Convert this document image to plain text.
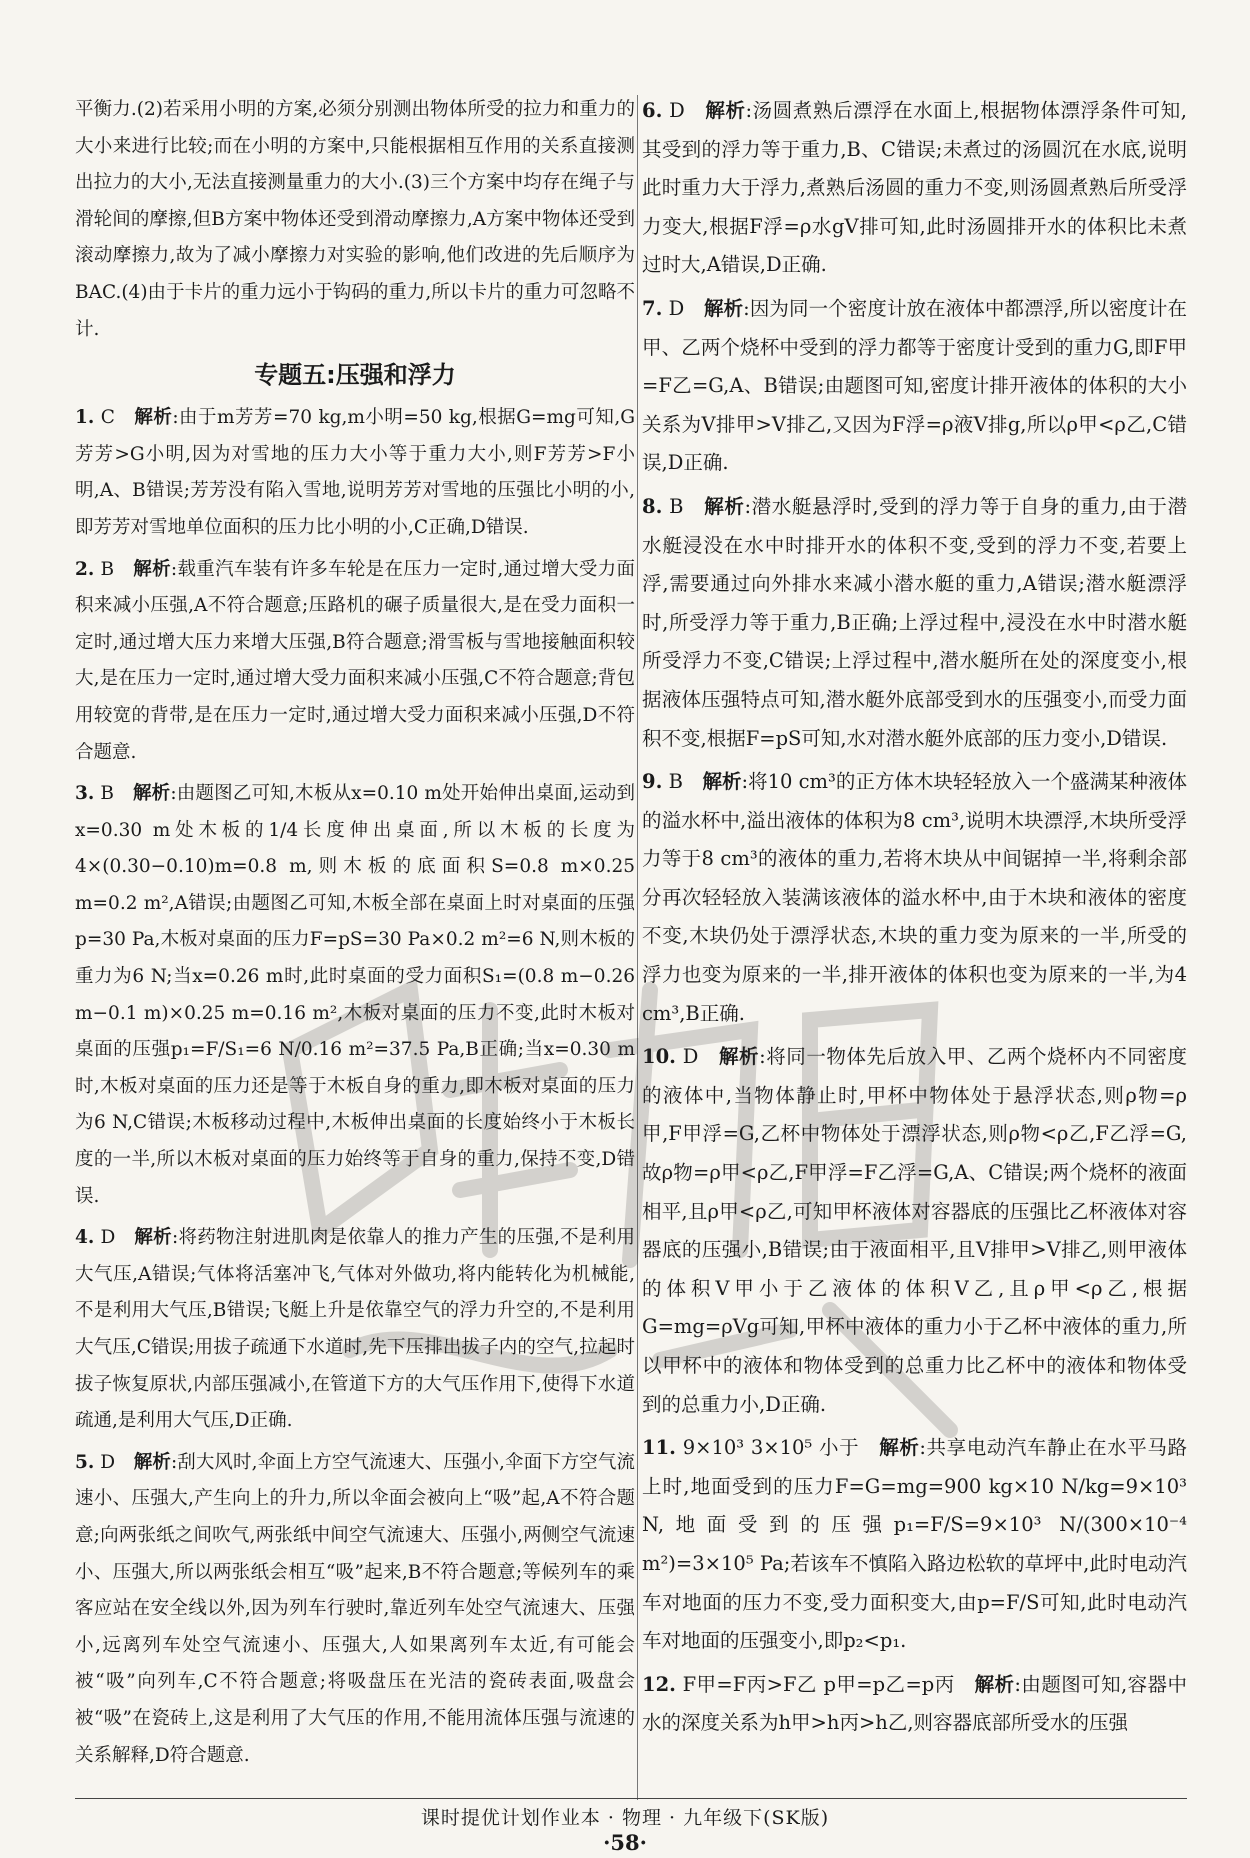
平衡力.(2)若采用小明的方案,必须分别测出物体所受的拉力和重力的大小来进行比较;而在小明的方案中,只能根据相互作用的关系直接测出拉力的大小,无法直接测量重力的大小.(3)三个方案中均存在绳子与滑轮间的摩擦,但B方案中物体还受到滑动摩擦力,A方案中物体还受到滚动摩擦力,故为了减小摩擦力对实验的影响,他们改进的先后顺序为BAC.(4)由于卡片的重力远小于钩码的重力,所以卡片的重力可忽略不计.

专题五:压强和浮力

1. C　 解析:由于m芳芳=70 kg,m小明=50 kg,根据G=mg可知,G芳芳>G小明,因为对雪地的压力大小等于重力大小,则F芳芳>F小明,A、B错误;芳芳没有陷入雪地,说明芳芳对雪地的压强比小明的小,即芳芳对雪地单位面积的压力比小明的小,C正确,D错误.

2. B　 解析:载重汽车装有许多车轮是在压力一定时,通过增大受力面积来减小压强,A不符合题意;压路机的碾子质量很大,是在受力面积一定时,通过增大压力来增大压强,B符合题意;滑雪板与雪地接触面积较大,是在压力一定时,通过增大受力面积来减小压强,C不符合题意;背包用较宽的背带,是在压力一定时,通过增大受力面积来减小压强,D不符合题意.

3. B　 解析:由题图乙可知,木板从x=0.10 m处开始伸出桌面,运动到x=0.30 m处木板的1/4长度伸出桌面,所以木板的长度为4×(0.30−0.10)m=0.8 m,则木板的底面积S=0.8 m×0.25 m=0.2 m²,A错误;由题图乙可知,木板全部在桌面上时对桌面的压强p=30 Pa,木板对桌面的压力F=pS=30 Pa×0.2 m²=6 N,则木板的重力为6 N;当x=0.26 m时,此时桌面的受力面积S₁=(0.8 m−0.26 m−0.1 m)×0.25 m=0.16 m²,木板对桌面的压力不变,此时木板对桌面的压强p₁=F/S₁=6 N/0.16 m²=37.5 Pa,B正确;当x=0.30 m时,木板对桌面的压力还是等于木板自身的重力,即木板对桌面的压力为6 N,C错误;木板移动过程中,木板伸出桌面的长度始终小于木板长度的一半,所以木板对桌面的压力始终等于自身的重力,保持不变,D错误.

4. D　 解析:将药物注射进肌肉是依靠人的推力产生的压强,不是利用大气压,A错误;气体将活塞冲飞,气体对外做功,将内能转化为机械能,不是利用大气压,B错误;飞艇上升是依靠空气的浮力升空的,不是利用大气压,C错误;用拔子疏通下水道时,先下压排出拔子内的空气,拉起时拔子恢复原状,内部压强减小,在管道下方的大气压作用下,使得下水道疏通,是利用大气压,D正确.

5. D　 解析:刮大风时,伞面上方空气流速大、压强小,伞面下方空气流速小、压强大,产生向上的升力,所以伞面会被向上“吸”起,A不符合题意;向两张纸之间吹气,两张纸中间空气流速大、压强小,两侧空气流速小、压强大,所以两张纸会相互“吸”起来,B不符合题意;等候列车的乘客应站在安全线以外,因为列车行驶时,靠近列车处空气流速大、压强小,远离列车处空气流速小、压强大,人如果离列车太近,有可能会被“吸”向列车,C不符合题意;将吸盘压在光洁的瓷砖表面,吸盘会被“吸”在瓷砖上,这是利用了大气压的作用,不能用流体压强与流速的关系解释,D符合题意.

6. D　 解析:汤圆煮熟后漂浮在水面上,根据物体漂浮条件可知,其受到的浮力等于重力,B、C错误;未煮过的汤圆沉在水底,说明此时重力大于浮力,煮熟后汤圆的重力不变,则汤圆煮熟后所受浮力变大,根据F浮=ρ水gV排可知,此时汤圆排开水的体积比未煮过时大,A错误,D正确.

7. D　 解析:因为同一个密度计放在液体中都漂浮,所以密度计在甲、乙两个烧杯中受到的浮力都等于密度计受到的重力G,即F甲=F乙=G,A、B错误;由题图可知,密度计排开液体的体积的大小关系为V排甲>V排乙,又因为F浮=ρ液V排g,所以ρ甲<ρ乙,C错误,D正确.

8. B　 解析:潜水艇悬浮时,受到的浮力等于自身的重力,由于潜水艇浸没在水中时排开水的体积不变,受到的浮力不变,若要上浮,需要通过向外排水来减小潜水艇的重力,A错误;潜水艇漂浮时,所受浮力等于重力,B正确;上浮过程中,浸没在水中时潜水艇所受浮力不变,C错误;上浮过程中,潜水艇所在处的深度变小,根据液体压强特点可知,潜水艇外底部受到水的压强变小,而受力面积不变,根据F=pS可知,水对潜水艇外底部的压力变小,D错误.

9. B　 解析:将10 cm³的正方体木块轻轻放入一个盛满某种液体的溢水杯中,溢出液体的体积为8 cm³,说明木块漂浮,木块所受浮力等于8 cm³的液体的重力,若将木块从中间锯掉一半,将剩余部分再次轻轻放入装满该液体的溢水杯中,由于木块和液体的密度不变,木块仍处于漂浮状态,木块的重力变为原来的一半,所受的浮力也变为原来的一半,排开液体的体积也变为原来的一半,为4 cm³,B正确.

10. D　 解析:将同一物体先后放入甲、乙两个烧杯内不同密度的液体中,当物体静止时,甲杯中物体处于悬浮状态,则ρ物=ρ甲,F甲浮=G,乙杯中物体处于漂浮状态,则ρ物<ρ乙,F乙浮=G,故ρ物=ρ甲<ρ乙,F甲浮=F乙浮=G,A、C错误;两个烧杯的液面相平,且ρ甲<ρ乙,可知甲杯液体对容器底的压强比乙杯液体对容器底的压强小,B错误;由于液面相平,且V排甲>V排乙,则甲液体的体积V甲小于乙液体的体积V乙,且ρ甲<ρ乙,根据G=mg=ρVg可知,甲杯中液体的重力小于乙杯中液体的重力,所以甲杯中的液体和物体受到的总重力比乙杯中的液体和物体受到的总重力小,D正确.

11. 9×10³ 3×10⁵ 小于　 解析:共享电动汽车静止在水平马路上时,地面受到的压力F=G=mg=900 kg×10 N/kg=9×10³ N,地面受到的压强p₁=F/S=9×10³ N/(300×10⁻⁴ m²)=3×10⁵ Pa;若该车不慎陷入路边松软的草坪中,此时电动汽车对地面的压力不变,受力面积变大,由p=F/S可知,此时电动汽车对地面的压强变小,即p₂<p₁.

12. F甲=F丙>F乙 p甲=p乙=p丙　 解析:由题图可知,容器中水的深度关系为h甲>h丙>h乙,则容器底部所受水的压强

课时提优计划作业本 · 物理 · 九年级下(SK版)
·58·
